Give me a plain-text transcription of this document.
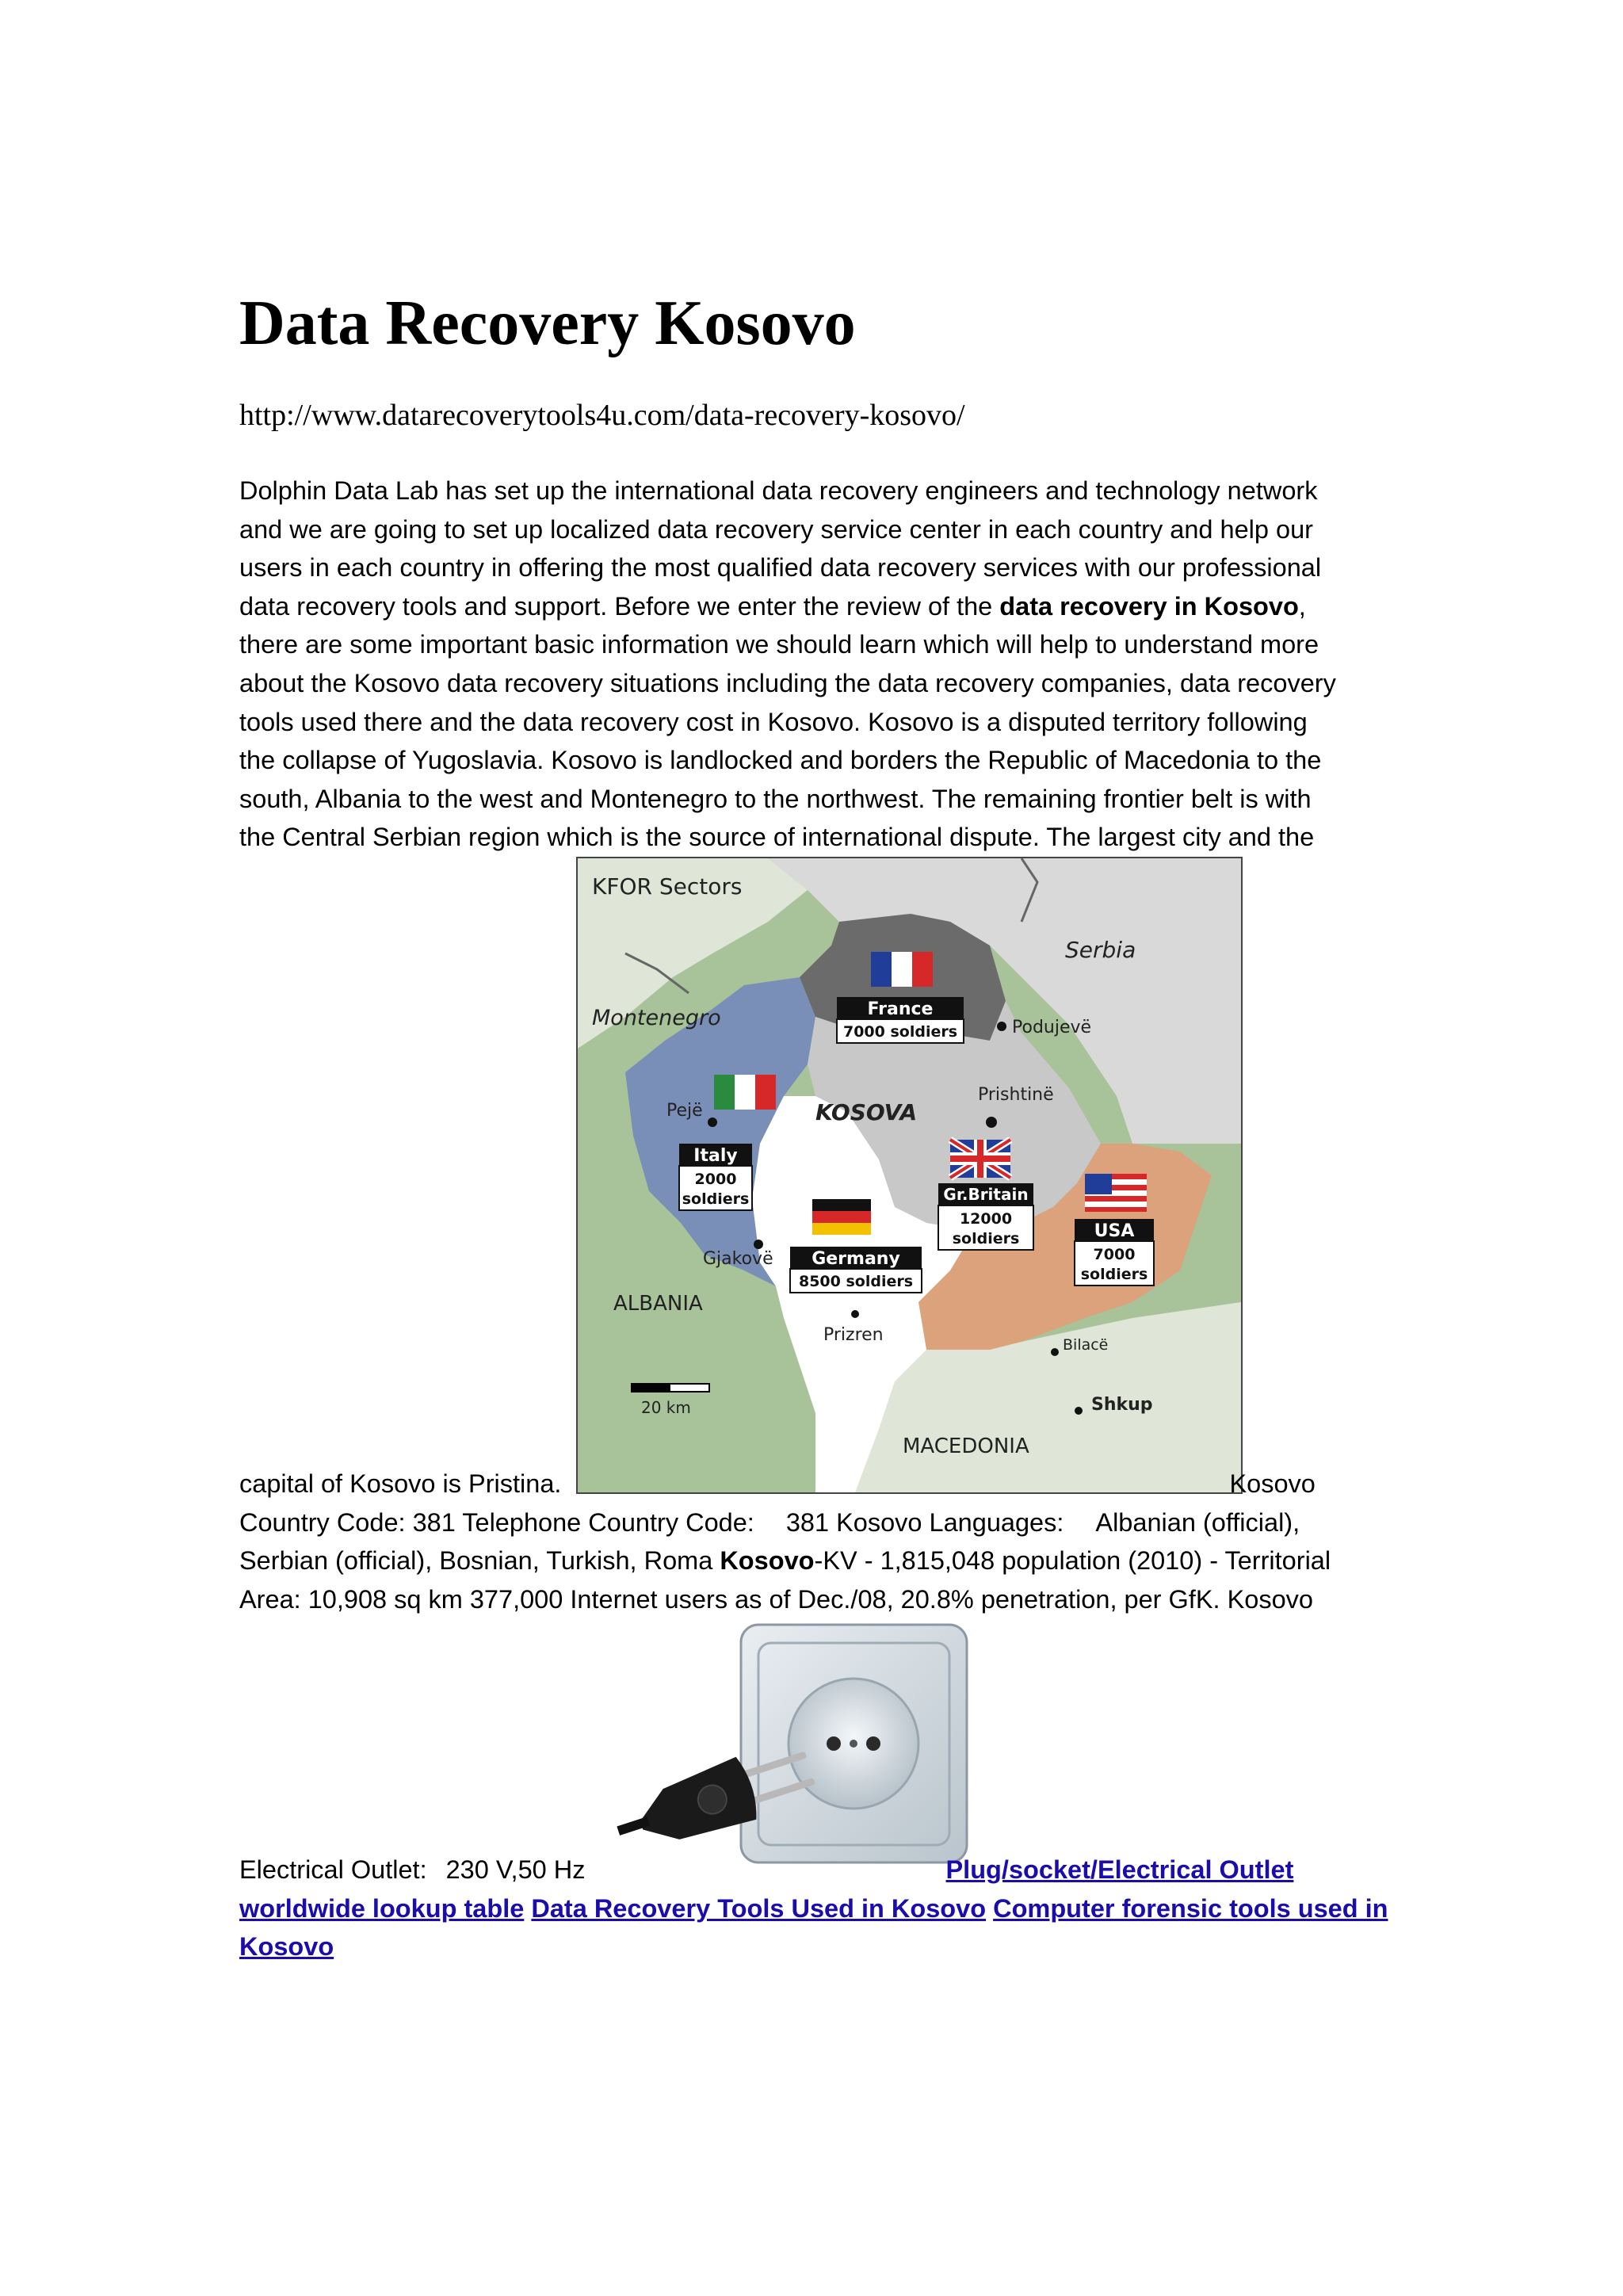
Data Recovery Kosovo
http://www.datarecoverytools4u.com/data-recovery-kosovo/
Dolphin Data Lab has set up the international data recovery engineers and technology network
and we are going to set up localized data recovery service center in each country and help our
users in each country in offering the most qualified data recovery services with our professional
data recovery tools and support. Before we enter the review of the data recovery in Kosovo,
there are some important basic information we should learn which will help to understand more
about the Kosovo data recovery situations including the data recovery companies, data recovery
tools used there and the data recovery cost in Kosovo. Kosovo is a disputed territory following
the collapse of Yugoslavia. Kosovo is landlocked and borders the Republic of Macedonia to the
south, Albania to the west and Montenegro to the northwest. The remaining frontier belt is with
the Central Serbian region which is the source of international dispute. The largest city and the
KFOR Sectors
Serbia
Montenegro
KOSOVA
ALBANIA
MACEDONIA
20 km
Podujevë
Prishtinë
Pejë
Gjakovë
Prizren	Bilacë
Shkup
France
7000 soldiers
Italy
2000
soldiers
Germany
8500 soldiers
Gr.Britain
12000
soldiers	USA
7000
soldiers
capital of Kosovo is Pristina.	Kosovo
Country Code: 381 Telephone Country Code: 381 Kosovo Languages: Albanian (official),
Serbian (official), Bosnian, Turkish, Roma Kosovo-KV - 1,815,048 population (2010) - Territorial
Area: 10,908 sq km 377,000 Internet users as of Dec./08, 20.8% penetration, per GfK. Kosovo
Electrical Outlet: 230 V,50 Hz	Plug/socket/Electrical Outlet
worldwide lookup table Data Recovery Tools Used in Kosovo Computer forensic tools used in
Kosovo
